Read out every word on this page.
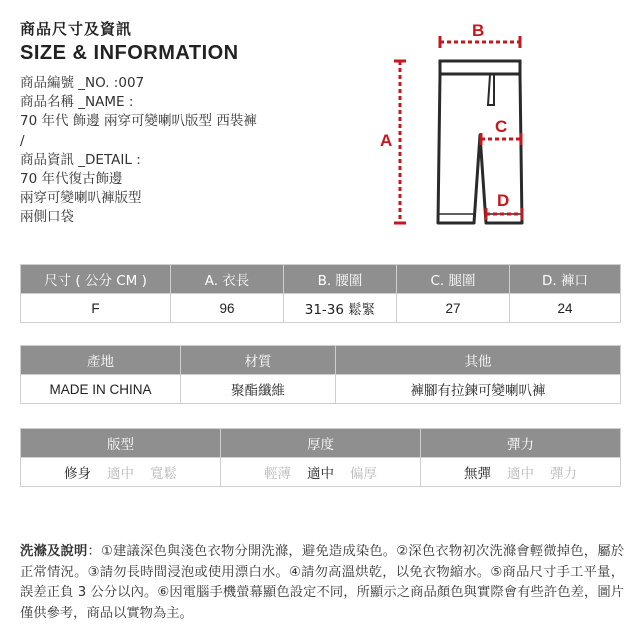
商品尺寸及資訊
SIZE & INFORMATION
商品編號 _NO. :007
商品名稱 _NAME :
70 年代 飾邊 兩穿可變喇叭版型 西裝褲
/
商品資訊 _DETAIL :
70 年代復古飾邊
兩穿可變喇叭褲版型
兩側口袋
A
B
C
D
尺寸 ( 公分 CM )	A. 衣長	B. 腰圍	C. 腿圍	D. 褲口
F	96	31-36 鬆緊	27	24
產地	材質	其他
MADE IN CHINA	聚酯纖維	褲腳有拉鍊可變喇叭褲
版型	厚度	彈力
修身 適中 寬鬆	輕薄 適中 偏厚	無彈 適中 彈力
洗滌及說明：①建議深色與淺色衣物分開洗滌，避免造成染色。②深色衣物初次洗滌會輕微掉色，屬於正常情況。③請勿長時間浸泡或使用漂白水。④請勿高溫烘乾，以免衣物縮水。⑤商品尺寸手工平量，誤差正負 3 公分以內。⑥因電腦手機螢幕顯色設定不同，所顯示之商品顏色與實際會有些許色差，圖片僅供參考，商品以實物為主。
